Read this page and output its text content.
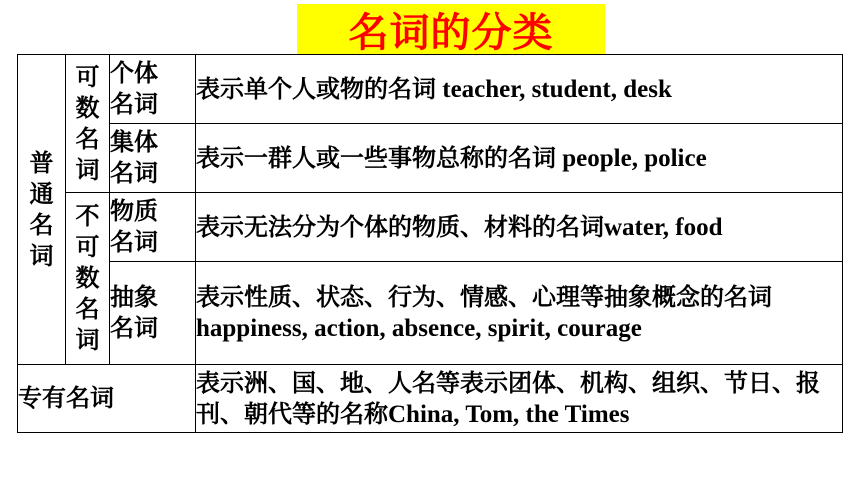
名词的分类
普通名词	可数名词	个体名词	表示单个人或物的名词 teacher, student, desk

		集体名词	表示一群人或一些事物总称的名词 people, police

	不可数名词	物质名词	表示无法分为个体的物质、材料的名词water, food

		抽象名词	表示性质、状态、行为、情感、心理等抽象概念的名词happiness, action, absence, spirit, courage
专有名词			表示洲、国、地、人名等表示团体、机构、组织、节日、报刊、朝代等的名称China, Tom, the Times
